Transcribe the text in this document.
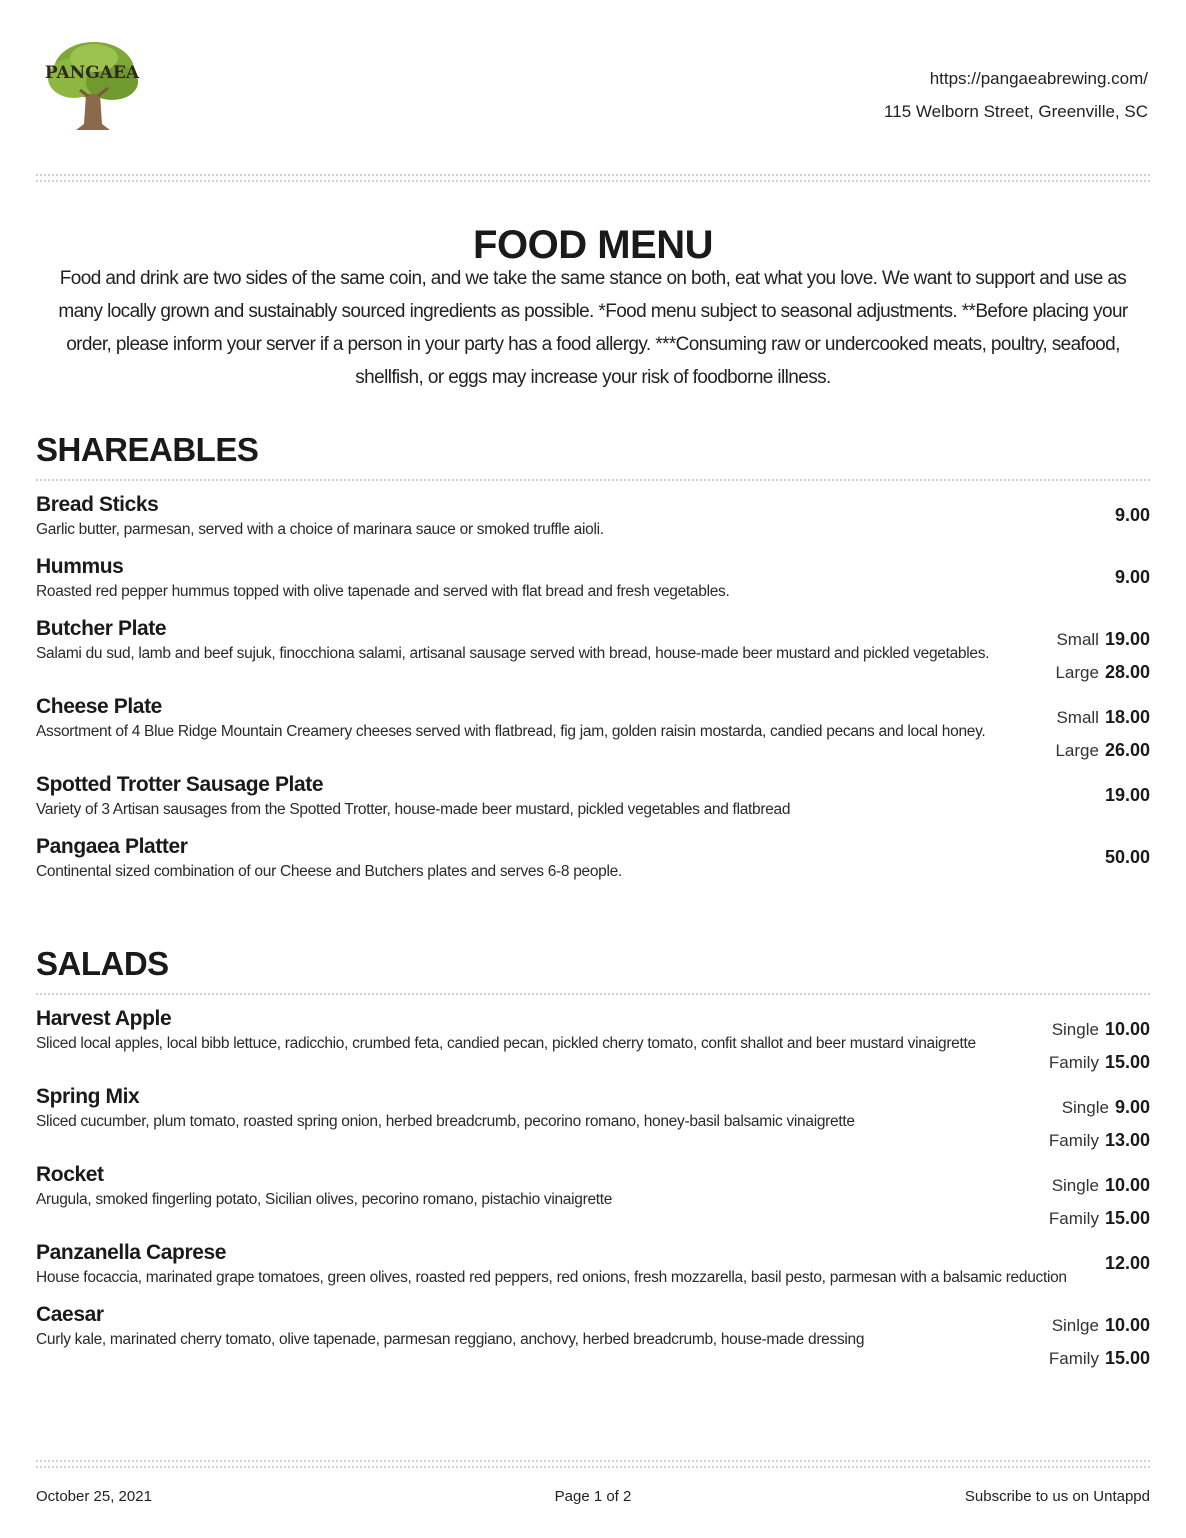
PANGAEA	https://pangaeabrewing.com/
115 Welborn Street, Greenville, SC
FOOD MENU
Food and drink are two sides of the same coin, and we take the same stance on both, eat what you love. We want to support and use as many locally grown and sustainably sourced ingredients as possible. *Food menu subject to seasonal adjustments. **Before placing your order, please inform your server if a person in your party has a food allergy. ***Consuming raw or undercooked meats, poultry, seafood, shellfish, or eggs may increase your risk of foodborne illness.
SHAREABLES
Bread Sticks
Garlic butter, parmesan, served with a choice of marinara sauce or smoked truffle aioli.
9.00
Hummus
Roasted red pepper hummus topped with olive tapenade and served with flat bread and fresh vegetables.
9.00
Butcher Plate
Salami du sud, lamb and beef sujuk, finocchiona salami, artisanal sausage served with bread, house-made beer mustard and pickled vegetables.
Small 19.00
Large 28.00
Cheese Plate
Assortment of 4 Blue Ridge Mountain Creamery cheeses served with flatbread, fig jam, golden raisin mostarda, candied pecans and local honey.
Small 18.00
Large 26.00
Spotted Trotter Sausage Plate
Variety of 3 Artisan sausages from the Spotted Trotter, house-made beer mustard, pickled vegetables and flatbread
19.00
Pangaea Platter
Continental sized combination of our Cheese and Butchers plates and serves 6-8 people.
50.00
SALADS
Harvest Apple
Sliced local apples, local bibb lettuce, radicchio, crumbed feta, candied pecan, pickled cherry tomato, confit shallot and beer mustard vinaigrette
Single 10.00
Family 15.00
Spring Mix
Sliced cucumber, plum tomato, roasted spring onion, herbed breadcrumb, pecorino romano, honey-basil balsamic vinaigrette
Single 9.00
Family 13.00
Rocket
Arugula, smoked fingerling potato, Sicilian olives, pecorino romano, pistachio vinaigrette
Single 10.00
Family 15.00
Panzanella Caprese
House focaccia, marinated grape tomatoes, green olives, roasted red peppers, red onions, fresh mozzarella, basil pesto, parmesan with a balsamic reduction
12.00
Caesar
Curly kale, marinated cherry tomato, olive tapenade, parmesan reggiano, anchovy, herbed breadcrumb, house-made dressing
Sinlge 10.00
Family 15.00
October 25, 2021	Page 1 of 2	Subscribe to us on Untappd
